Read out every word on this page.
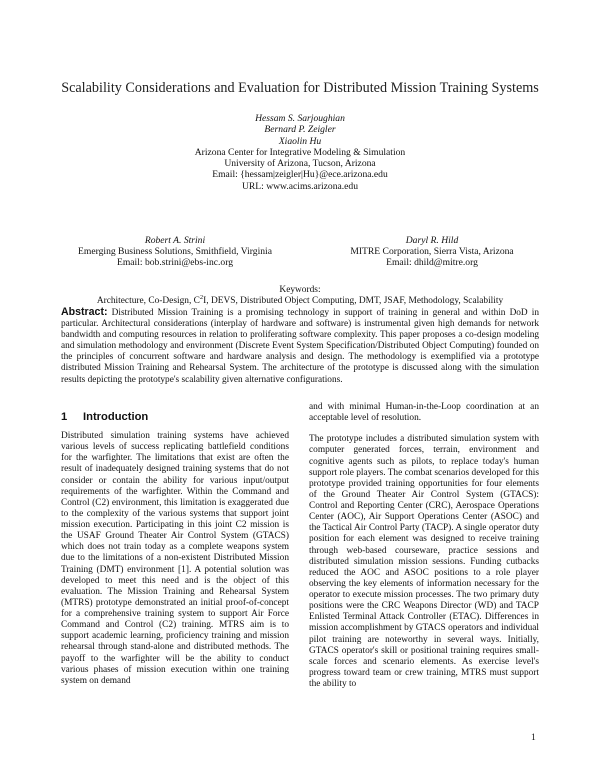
Scalability Considerations and Evaluation for Distributed Mission Training Systems
Hessam S. Sarjoughian
Bernard P. Zeigler
Xiaolin Hu
Arizona Center for Integrative Modeling & Simulation
University of Arizona, Tucson, Arizona
Email: {hessam|zeigler|Hu}@ece.arizona.edu
URL: www.acims.arizona.edu
Robert A. Strini
Emerging Business Solutions, Smithfield, Virginia
Email: bob.strini@ebs-inc.org
Daryl R. Hild
MITRE Corporation, Sierra Vista, Arizona
Email: dhild@mitre.org
Keywords:
Architecture, Co-Design, $C^2I$, DEVS, Distributed Object Computing, DMT, JSAF, Methodology, Scalability
Abstract: Distributed Mission Training is a promising technology in support of training in general and within DoD in particular. Architectural considerations (interplay of hardware and software) is instrumental given high demands for network bandwidth and computing resources in relation to proliferating software complexity. This paper proposes a co-design modeling and simulation methodology and environment (Discrete Event System Specification/Distributed Object Computing) founded on the principles of concurrent software and hardware analysis and design. The methodology is exemplified via a prototype distributed Mission Training and Rehearsal System. The architecture of the prototype is discussed along with the simulation results depicting the prototype's scalability given alternative configurations.
1 Introduction

Distributed simulation training systems have achieved various levels of success replicating battlefield conditions for the warfighter. The limitations that exist are often the result of inadequately designed training systems that do not consider or contain the ability for various input/output requirements of the warfighter. Within the Command and Control (C2) environment, this limitation is exaggerated due to the complexity of the various systems that support joint mission execution. Participating in this joint C2 mission is the USAF Ground Theater Air Control System (GTACS) which does not train today as a complete weapons system due to the limitations of a non-existent Distributed Mission Training (DMT) environment [1]. A potential solution was developed to meet this need and is the object of this evaluation. The Mission Training and Rehearsal System (MTRS) prototype demonstrated an initial proof-of-concept for a comprehensive training system to support Air Force Command and Control (C2) training. MTRS aim is to support academic learning, proficiency training and mission rehearsal through stand-alone and distributed methods. The payoff to the warfighter will be the ability to conduct various phases of mission execution within one training system on demand

and with minimal Human-in-the-Loop coordination at an acceptable level of resolution.

The prototype includes a distributed simulation system with computer generated forces, terrain, environment and cognitive agents such as pilots, to replace today's human support role players. The combat scenarios developed for this prototype provided training opportunities for four elements of the Ground Theater Air Control System (GTACS): Control and Reporting Center (CRC), Aerospace Operations Center (AOC), Air Support Operations Center (ASOC) and the Tactical Air Control Party (TACP). A single operator duty position for each element was designed to receive training through web-based courseware, practice sessions and distributed simulation mission sessions. Funding cutbacks reduced the AOC and ASOC positions to a role player observing the key elements of information necessary for the operator to execute mission processes. The two primary duty positions were the CRC Weapons Director (WD) and TACP Enlisted Terminal Attack Controller (ETAC). Differences in mission accomplishment by GTACS operators and individual pilot training are noteworthy in several ways. Initially, GTACS operator's skill or positional training requires small-scale forces and scenario elements. As exercise level's progress toward team or crew training, MTRS must support the ability to

1
